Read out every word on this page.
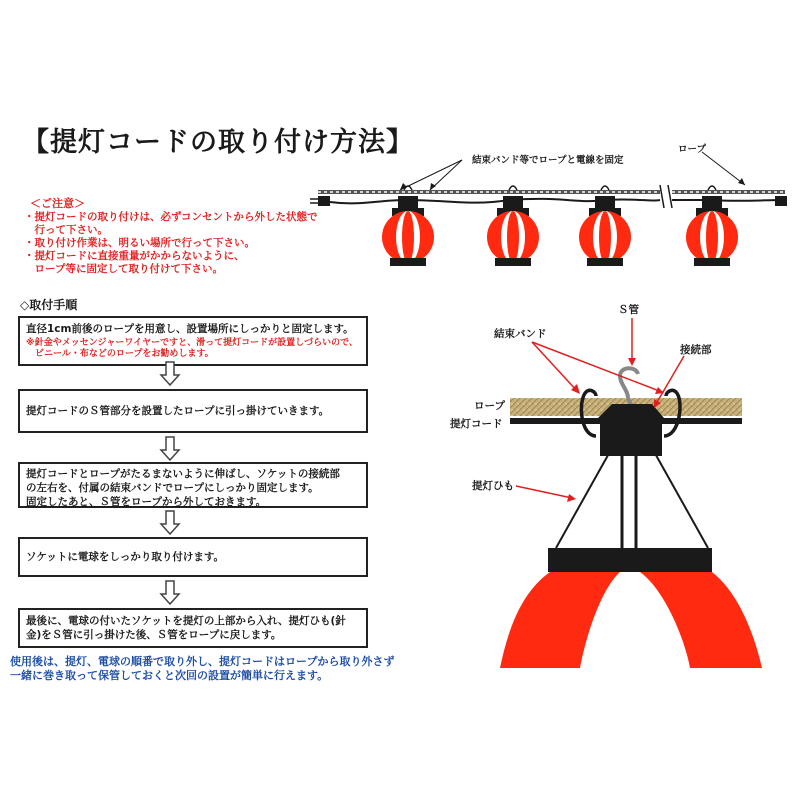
【提灯コードの取り付け方法】
＜ご注意＞
・提灯コードの取り付けは、必ずコンセントから外した状態で
　行って下さい。
・取り付け作業は、明るい場所で行って下さい。
・提灯コードに直接重量がかからないように、
　ロープ等に固定して取り付けて下さい。
結束バンド等でロープと電線を固定
ロープ
◇取付手順
直径1cm前後のロープを用意し、設置場所にしっかりと固定します。
※針金やメッセンジャーワイヤーですと、滑って提灯コードが設置しづらいので、
　ビニール・布などのロープをお勧めします。
提灯コードのＳ管部分を設置したロープに引っ掛けていきます。
提灯コードとロープがたるまないように伸ばし、ソケットの接続部
の左右を、付属の結束バンドでロープにしっかり固定します。
固定したあと、Ｓ管をロープから外しておきます。
ソケットに電球をしっかり取り付けます。
最後に、電球の付いたソケットを提灯の上部から入れ、提灯ひも(針
金)をＳ管に引っ掛けた後、Ｓ管をロープに戻します。
使用後は、提灯、電球の順番で取り外し、提灯コードはロープから取り外さず
一緒に巻き取って保管しておくと次回の設置が簡単に行えます。
Ｓ管
結束バンド
接続部
ロープ
提灯コード
提灯ひも
